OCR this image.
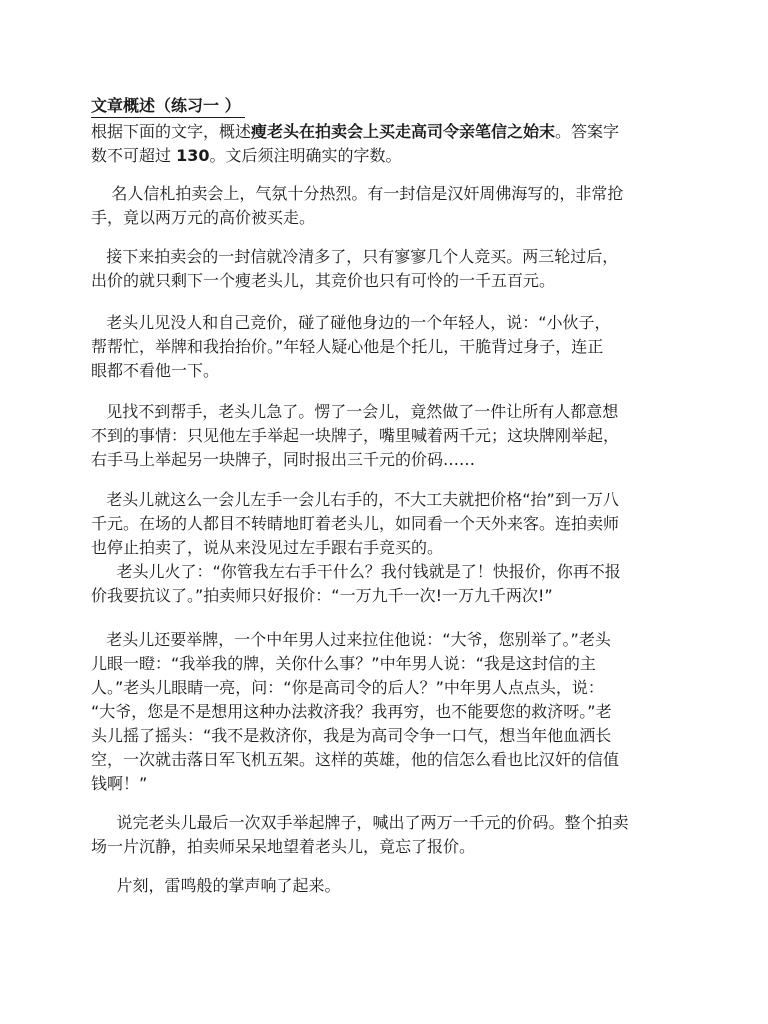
文章概述（练习一 ）
根据下面的文字，概述瘦老头在拍卖会上买走高司令亲笔信之始末。答案字
数不可超过 130。文后须注明确实的字数。
名人信札拍卖会上，气氛十分热烈。有一封信是汉奸周佛海写的，非常抢
手，竟以两万元的高价被买走。
接下来拍卖会的一封信就冷清多了，只有寥寥几个人竞买。两三轮过后，
出价的就只剩下一个瘦老头儿，其竞价也只有可怜的一千五百元。
老头儿见没人和自己竞价，碰了碰他身边的一个年轻人，说：“小伙子，
帮帮忙，举牌和我抬抬价。”年轻人疑心他是个托儿，干脆背过身子，连正
眼都不看他一下。
见找不到帮手，老头儿急了。愣了一会儿，竟然做了一件让所有人都意想
不到的事情：只见他左手举起一块牌子，嘴里喊着两千元；这块牌刚举起，
右手马上举起另一块牌子，同时报出三千元的价码……
老头儿就这么一会儿左手一会儿右手的，不大工夫就把价格“抬”到一万八
千元。在场的人都目不转睛地盯着老头儿，如同看一个天外来客。连拍卖师
也停止拍卖了，说从来没见过左手跟右手竞买的。
老头儿火了：“你管我左右手干什么？我付钱就是了！快报价，你再不报
价我要抗议了。”拍卖师只好报价：“一万九千一次!一万九千两次!”
老头儿还要举牌，一个中年男人过来拉住他说：“大爷，您别举了。”老头
儿眼一瞪：“我举我的牌，关你什么事？”中年男人说：“我是这封信的主
人。”老头儿眼睛一亮，问：“你是高司令的后人？”中年男人点点头，说：
“大爷，您是不是想用这种办法救济我？我再穷，也不能要您的救济呀。”老
头儿摇了摇头：“我不是救济你，我是为高司令争一口气，想当年他血洒长
空，一次就击落日军飞机五架。这样的英雄，他的信怎么看也比汉奸的信值
钱啊！”
说完老头儿最后一次双手举起牌子，喊出了两万一千元的价码。整个拍卖
场一片沉静，拍卖师呆呆地望着老头儿，竟忘了报价。
片刻，雷鸣般的掌声响了起来。
